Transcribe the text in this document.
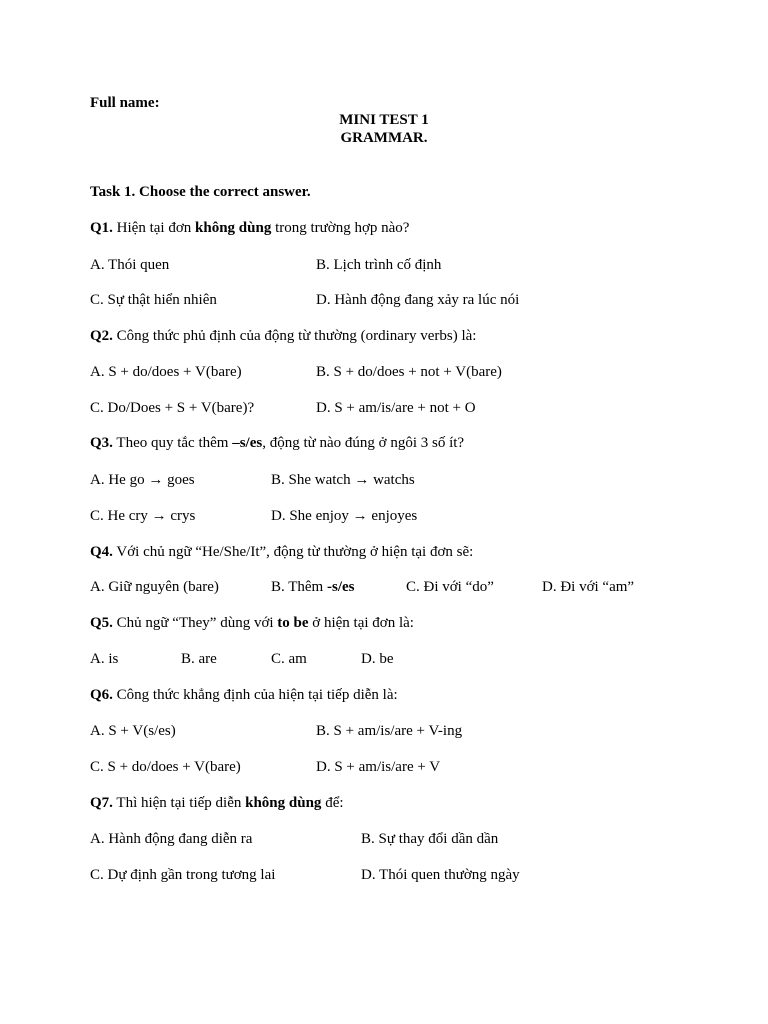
Full name:
MINI TEST 1
GRAMMAR.
Task 1. Choose the correct answer.
Q1. Hiện tại đơn không dùng trong trường hợp nào?
A. Thói quen	B. Lịch trình cố định
C. Sự thật hiển nhiên	D. Hành động đang xảy ra lúc nói
Q2. Công thức phủ định của động từ thường (ordinary verbs) là:
A. S + do/does + V(bare)	B. S + do/does + not + V(bare)
C. Do/Does + S + V(bare)?	D. S + am/is/are + not + O
Q3. Theo quy tắc thêm –s/es, động từ nào đúng ở ngôi 3 số ít?
A. He go → goes	B. She watch → watchs
C. He cry → crys	D. She enjoy → enjoyes
Q4. Với chủ ngữ “He/She/It”, động từ thường ở hiện tại đơn sẽ:
A. Giữ nguyên (bare)	B. Thêm -s/es	C. Đi với “do”	D. Đi với “am”
Q5. Chủ ngữ “They” dùng với to be ở hiện tại đơn là:
A. is	B. are	C. am	D. be
Q6. Công thức khẳng định của hiện tại tiếp diễn là:
A. S + V(s/es)	B. S + am/is/are + V-ing
C. S + do/does + V(bare)	D. S + am/is/are + V
Q7. Thì hiện tại tiếp diễn không dùng để:
A. Hành động đang diễn ra	B. Sự thay đổi dần dần
C. Dự định gần trong tương lai	D. Thói quen thường ngày
